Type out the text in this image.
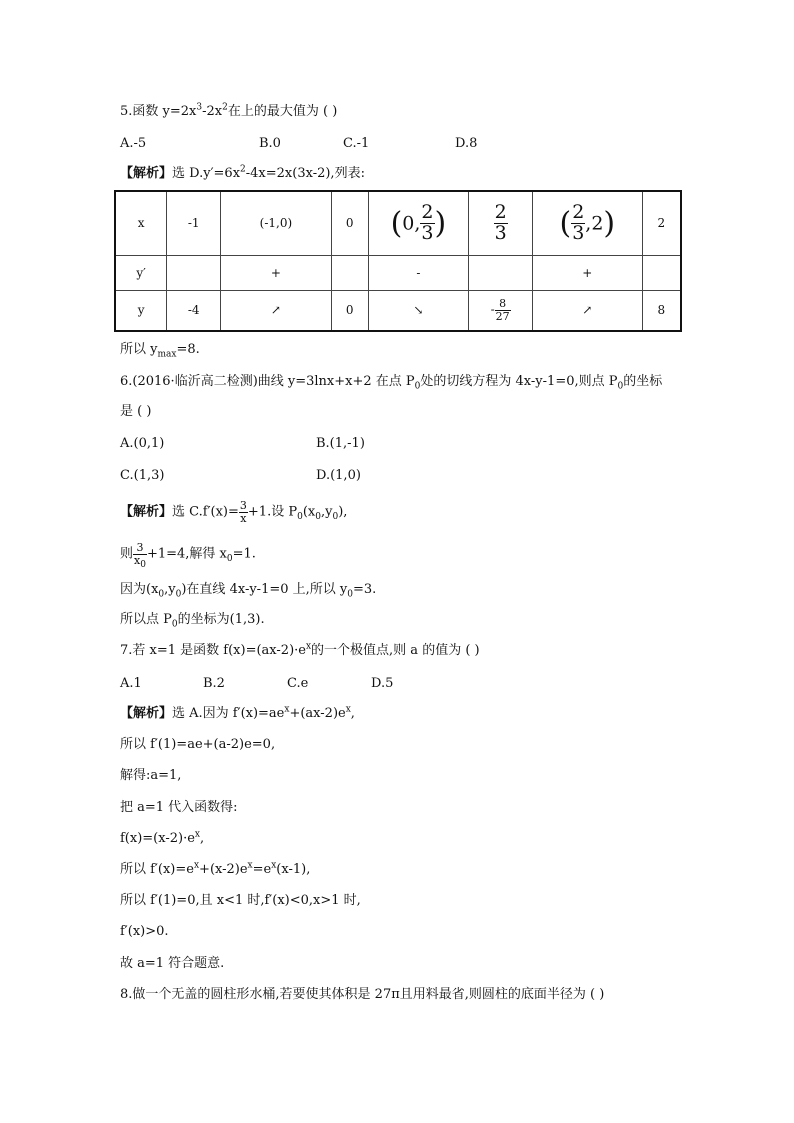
5.函数 $y=2x^3-2x^2$在上的最大值为 ( )
A.-5	B.0	C.-1	D.8
【解析】选 $D.y'=6x^2-4x=2x(3x-2)$,列表:
x	-1	(-1,0)	0	(0, $\frac{2}{3}$ )	$\frac{2}{3}$	( $\frac{2}{3} ,2$)	2
y′		+		-		+	
y	-4	↗	0	↘	- $\frac{8}{27}$	↗	8
所以 $y_{max}=8$.
6.(2016·临沂高二检测)曲线 y=3lnx+x+2 在点 $P_0$处的切线方程为 4x-y-1=0,则点 $P_0$的坐标
是 ( )
A.(0,1)	B.(1,-1)
C.(1,3)	D.(1,0)
【解析】选 $C.f'(x)= \frac{3}{x} +1$.设 $P_0(x_0,y_0)$,
则 $\frac{3}{x_0} +1=4$,解得 $x_0=1$.
因为$(x_0,y_0)$在直线 4x-y-1=0 上,所以 $y_0=3$.
所以点 $P_0$的坐标为(1,3).
7.若 x=1 是函数 $f(x)=(ax-2)\cdot e^x$的一个极值点,则 a 的值为 ( )
A.1	B.2	C.e	D.5
【解析】选 A.因为 $f'(x)=ae^x+(ax-2)e^x$,
所以 f′(1)=ae+(a-2)e=0,
解得:a=1,
把 a=1 代入函数得:
$f(x)=(x-2)\cdot e^x$,
所以 $f'(x)=e^x+(x-2)e^x=e^x(x-1)$,
所以 f′(1)=0,且 x<1 时,f′(x)<0,x>1 时,
f′(x)>0.
故 a=1 符合题意.
8.做一个无盖的圆柱形水桶,若要使其体积是 27π且用料最省,则圆柱的底面半径为 ( )
